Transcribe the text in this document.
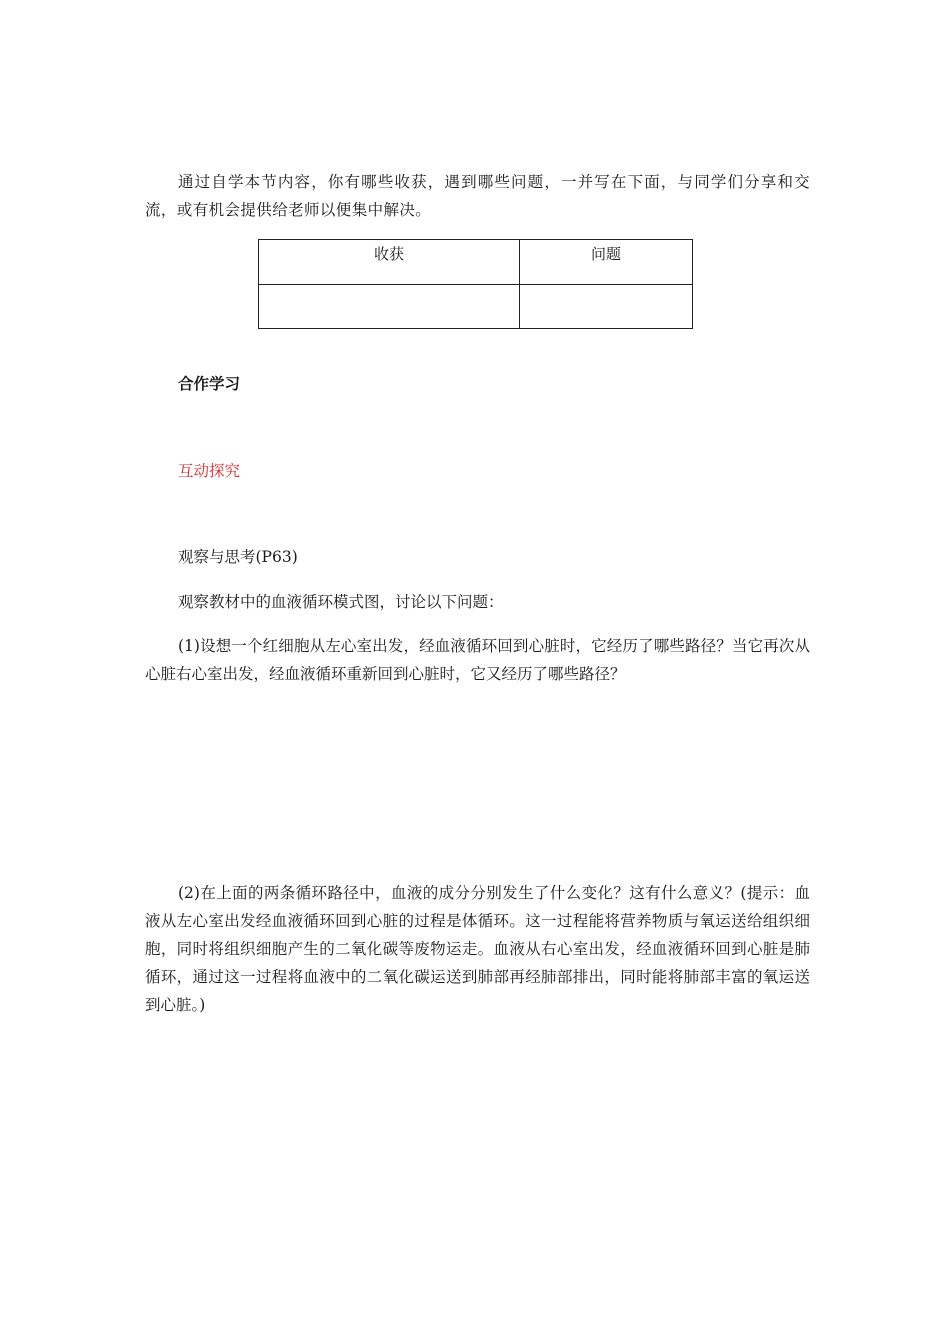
通过自学本节内容，你有哪些收获，遇到哪些问题，一并写在下面，与同学们分享和交流，或有机会提供给老师以便集中解决。

收获	问题

合作学习

互动探究

观察与思考(P63)

观察教材中的血液循环模式图，讨论以下问题：

(1)设想一个红细胞从左心室出发，经血液循环回到心脏时，它经历了哪些路径？当它再次从心脏右心室出发，经血液循环重新回到心脏时，它又经历了哪些路径？

(2)在上面的两条循环路径中，血液的成分分别发生了什么变化？这有什么意义？(提示：血液从左心室出发经血液循环回到心脏的过程是体循环。这一过程能将营养物质与氧运送给组织细胞，同时将组织细胞产生的二氧化碳等废物运走。血液从右心室出发，经血液循环回到心脏是肺循环，通过这一过程将血液中的二氧化碳运送到肺部再经肺部排出，同时能将肺部丰富的氧运送到心脏。)
